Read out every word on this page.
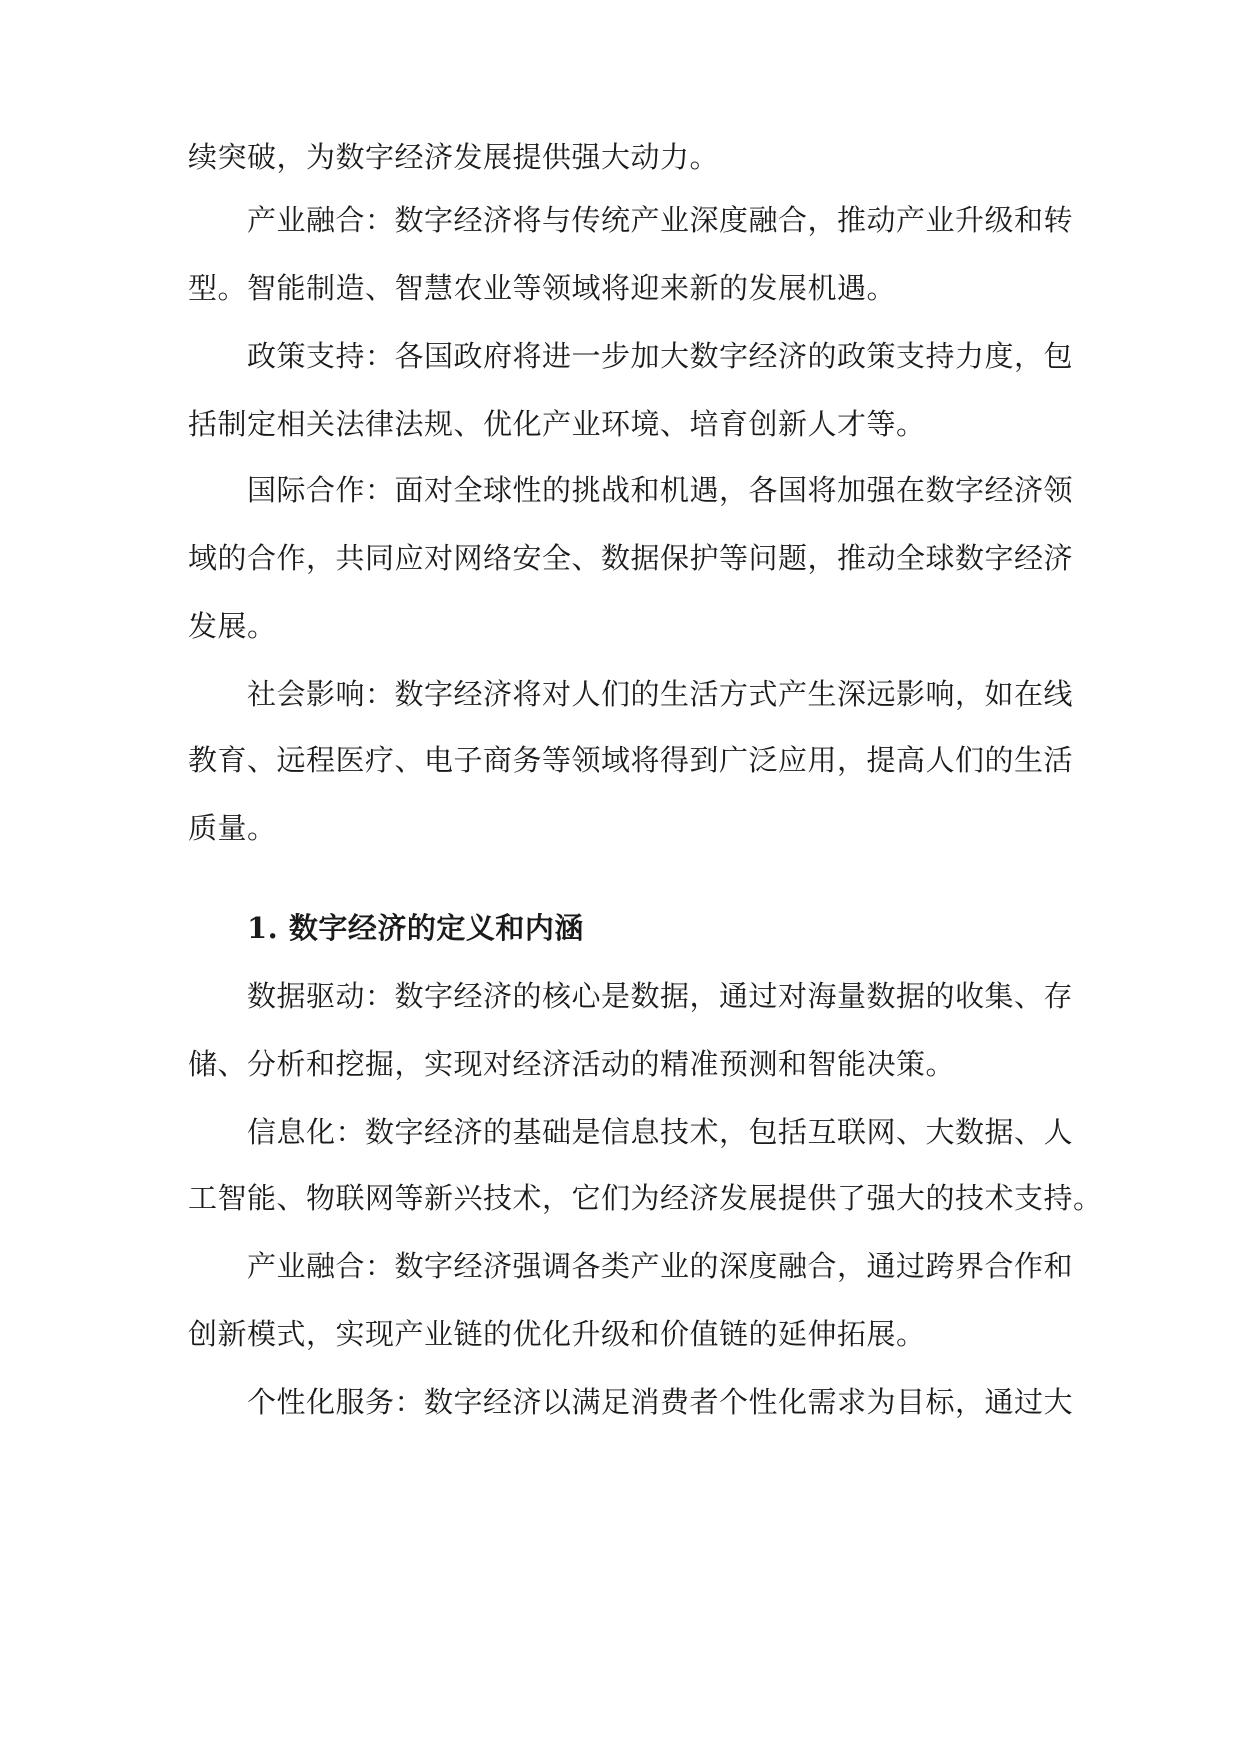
续突破，为数字经济发展提供强大动力。
产业融合：数字经济将与传统产业深度融合，推动产业升级和转
型。智能制造、智慧农业等领域将迎来新的发展机遇。
政策支持：各国政府将进一步加大数字经济的政策支持力度，包
括制定相关法律法规、优化产业环境、培育创新人才等。
国际合作：面对全球性的挑战和机遇，各国将加强在数字经济领
域的合作，共同应对网络安全、数据保护等问题，推动全球数字经济
发展。
社会影响：数字经济将对人们的生活方式产生深远影响，如在线
教育、远程医疗、电子商务等领域将得到广泛应用，提高人们的生活
质量。
1. 数字经济的定义和内涵
数据驱动：数字经济的核心是数据，通过对海量数据的收集、存
储、分析和挖掘，实现对经济活动的精准预测和智能决策。
信息化：数字经济的基础是信息技术，包括互联网、大数据、人
工智能、物联网等新兴技术，它们为经济发展提供了强大的技术支持。
产业融合：数字经济强调各类产业的深度融合，通过跨界合作和
创新模式，实现产业链的优化升级和价值链的延伸拓展。
个性化服务：数字经济以满足消费者个性化需求为目标，通过大
